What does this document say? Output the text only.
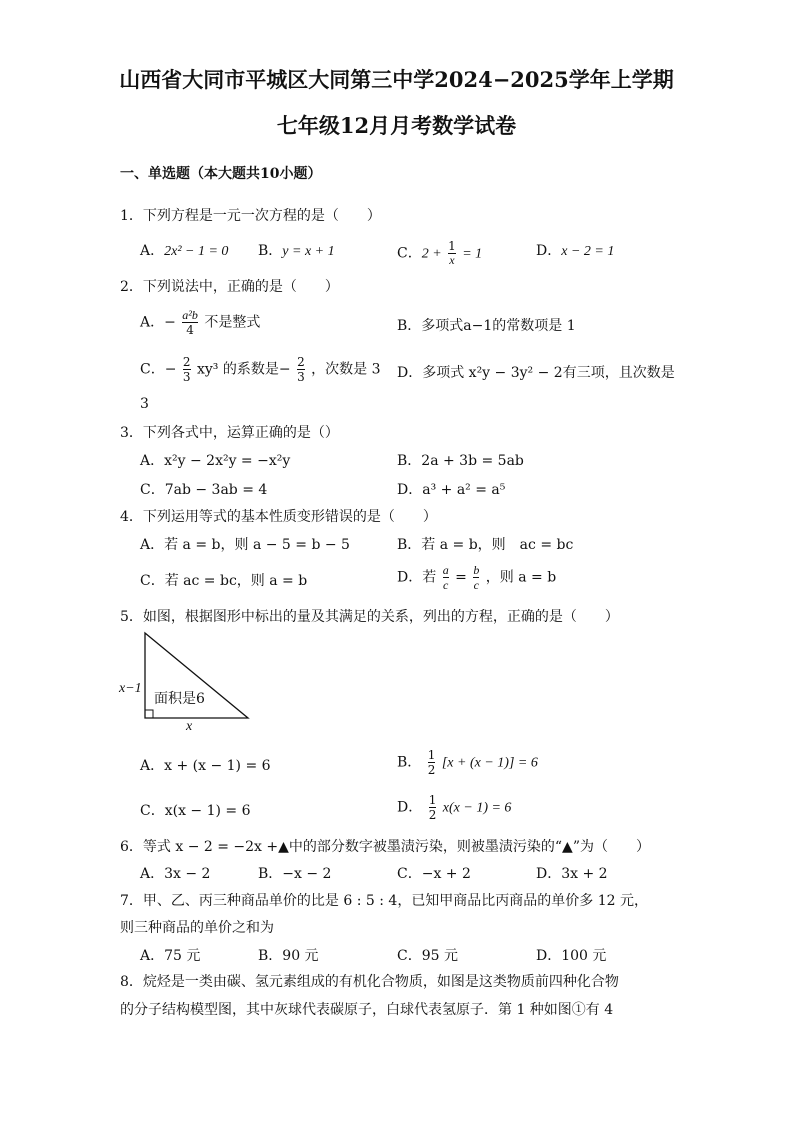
山西省大同市平城区大同第三中学2024−2025学年上学期
七年级12月月考数学试卷
一、单选题（本大题共10小题）
1．下列方程是一元一次方程的是（　　）
A．2x² − 1 = 0 B．y = x + 1	C．$2 + \frac{1}{x} = 1$	D．x − 2 = 1
2．下列说法中，正确的是（　　）
A．− $\frac{\text{a²b}}{4}$ 不是整式	B．多项式a−1的常数项是 1
C．− $\frac{2}{3} xy^3$ 的系数是− $\frac{2}{3}$ ，次数是 3 D．多项式 x²y − 3y² − 2有三项，且次数是
3
3．下列各式中，运算正确的是（）
A．x²y − 2x²y = −x²y	B．2a + 3b = 5ab
C．7ab − 3ab = 4	D．a³ + a² = a⁵
4．下列运用等式的基本性质变形错误的是（　　）
A．若 a = b，则 a − 5 = b − 5	B．若 a = b，则　ac = bc
C．若 ac = bc，则 a = b	D．若 $\frac{a}{c} = \frac{b}{c}$ ，则 a = b
5．如图，根据图形中标出的量及其满足的关系，列出的方程，正确的是（　　）
x−1
面积是6
x
A．x + (x − 1) = 6	B． $\frac{1}{2} [x + (x - 1)] = 6$
C．x(x − 1) = 6	D． $\frac{1}{2} x(x - 1) = 6$
6．等式 x − 2 = −2x +▲中的部分数字被墨渍污染，则被墨渍污染的“▲”为（　　）
A．3x − 2	B．−x − 2	C．−x + 2	D．3x + 2
7．甲、乙、丙三种商品单价的比是 6 : 5 : 4，已知甲商品比丙商品的单价多 12 元，
则三种商品的单价之和为
A．75 元	B．90 元	C．95 元	D．100 元
8．烷烃是一类由碳、氢元素组成的有机化合物质，如图是这类物质前四种化合物
的分子结构模型图，其中灰球代表碳原子，白球代表氢原子．第 1 种如图①有 4
